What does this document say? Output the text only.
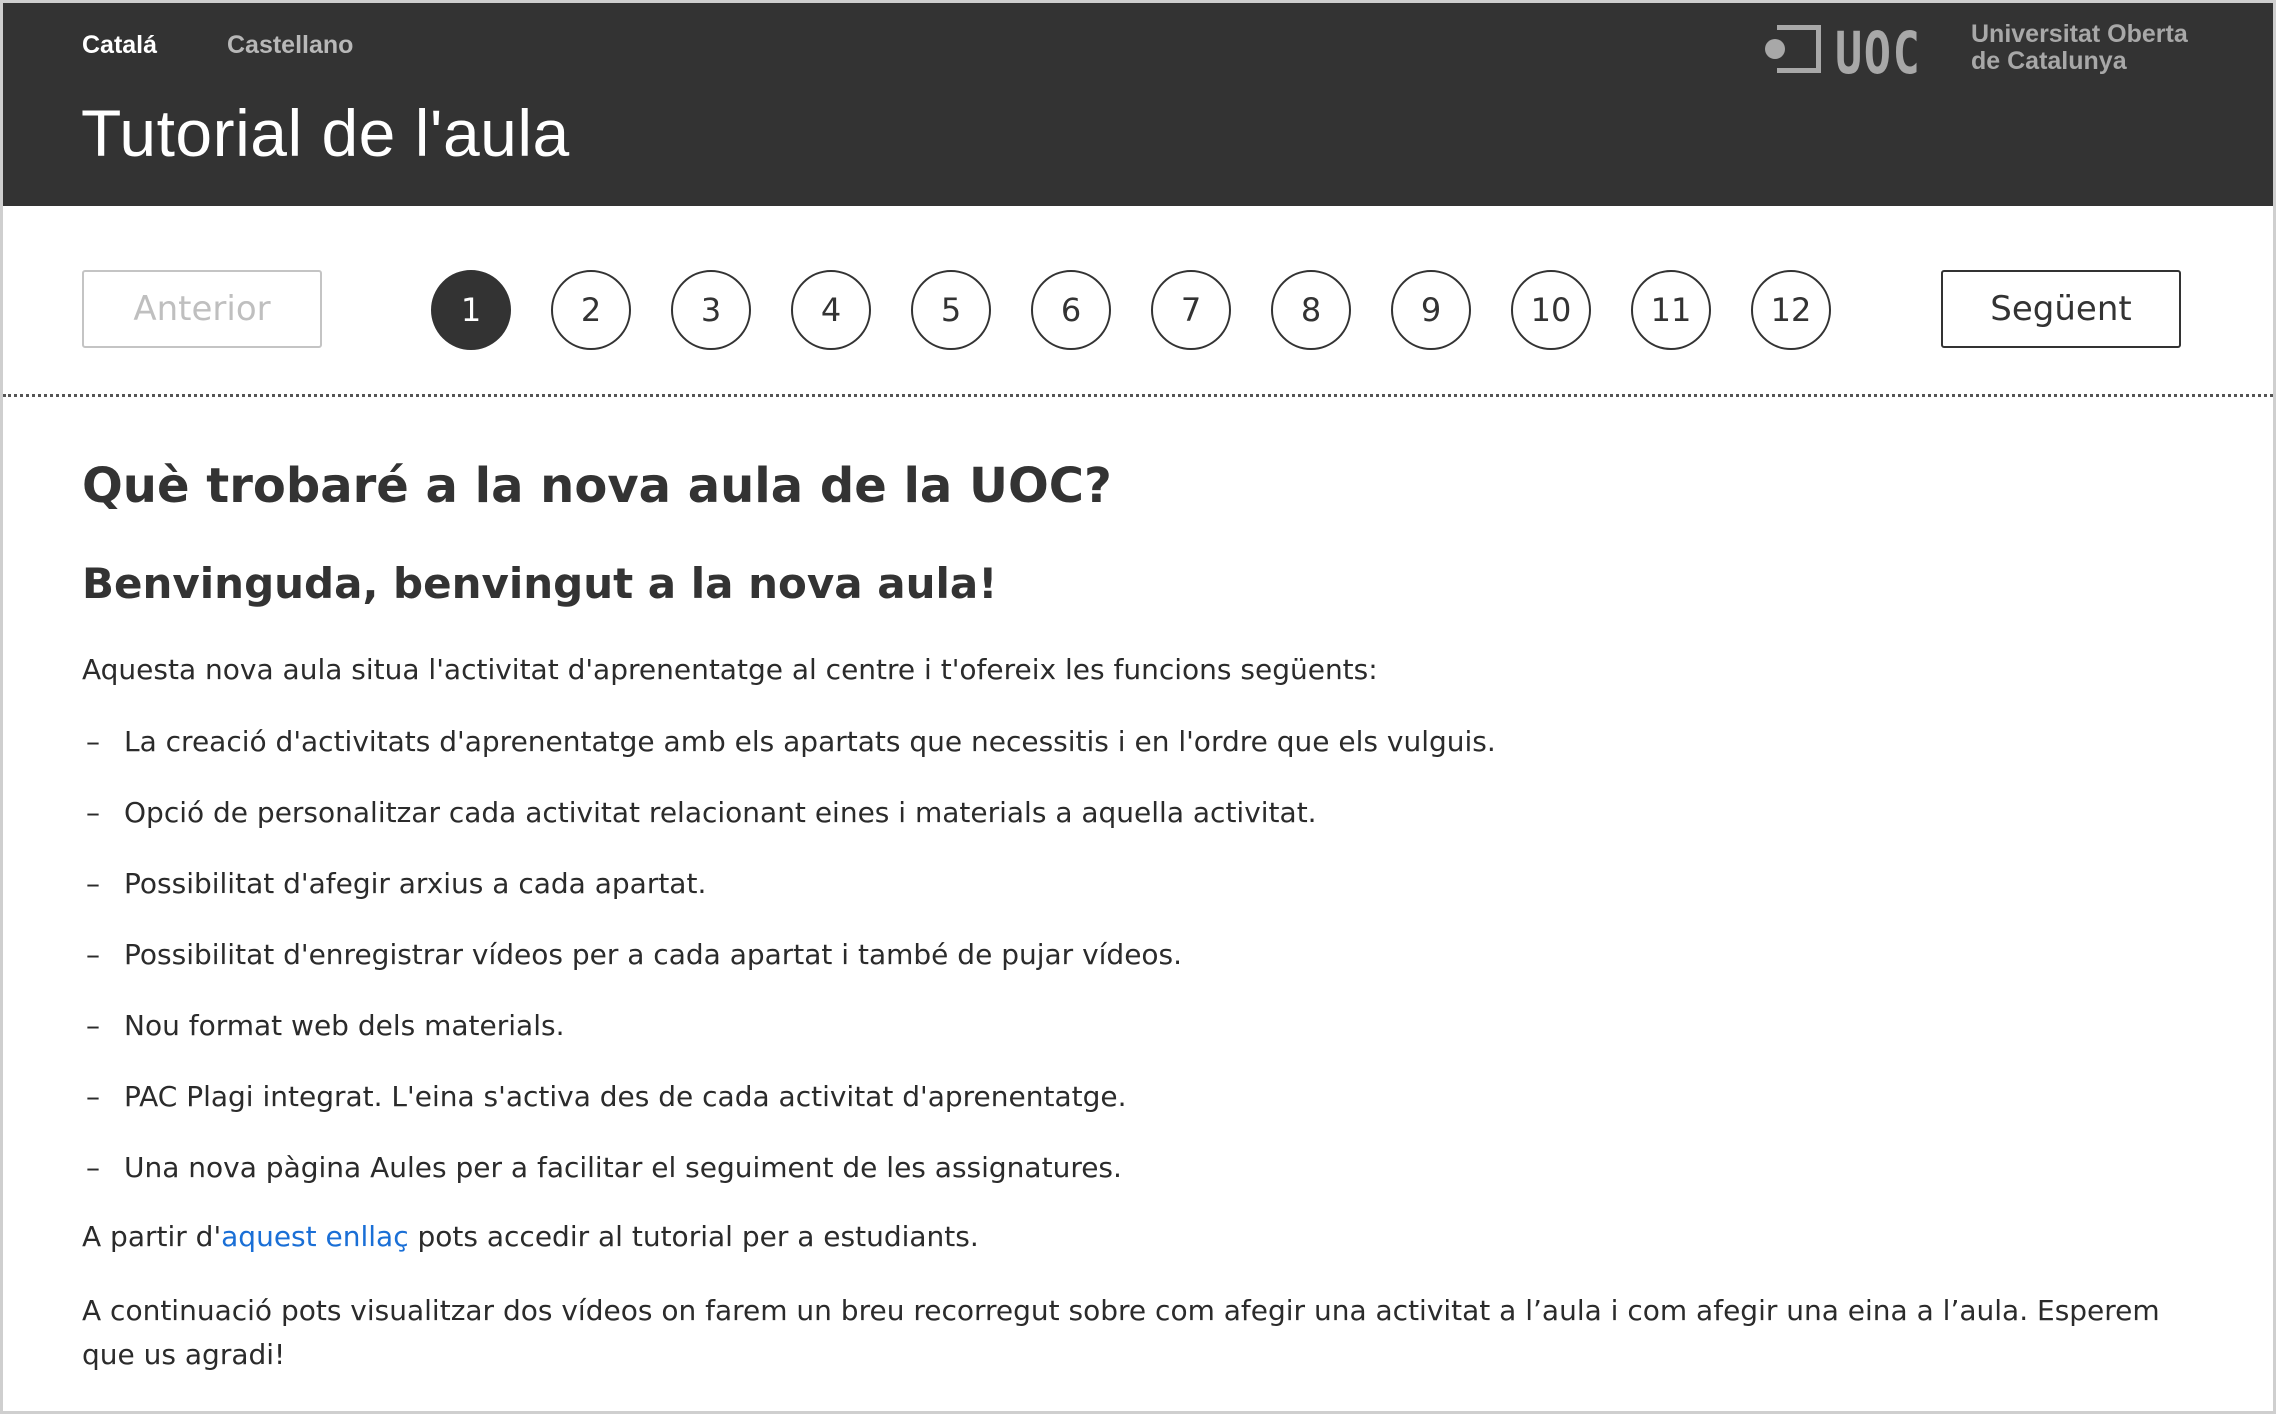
Catalá	Castellano
Tutorial de l'aula
UOC Universitat Oberta
de Catalunya
Anterior	1	2	3	4	5	6	7	8	9	10	11	12	Següent
Què trobaré a la nova aula de la UOC?
Benvinguda, benvingut a la nova aula!

Aquesta nova aula situa l'activitat d'aprenentatge al centre i t'ofereix les funcions següents:

– La creació d'activitats d'aprenentatge amb els apartats que necessitis i en l'ordre que els vulguis.
– Opció de personalitzar cada activitat relacionant eines i materials a aquella activitat.
– Possibilitat d'afegir arxius a cada apartat.
– Possibilitat d'enregistrar vídeos per a cada apartat i també de pujar vídeos.
– Nou format web dels materials.
– PAC Plagi integrat. L'eina s'activa des de cada activitat d'aprenentatge.
– Una nova pàgina Aules per a facilitar el seguiment de les assignatures.

A partir d'aquest enllaç pots accedir al tutorial per a estudiants.

A continuació pots visualitzar dos vídeos on farem un breu recorregut sobre com afegir una activitat a l’aula i com afegir una eina a l’aula. Esperem que us agradi!
